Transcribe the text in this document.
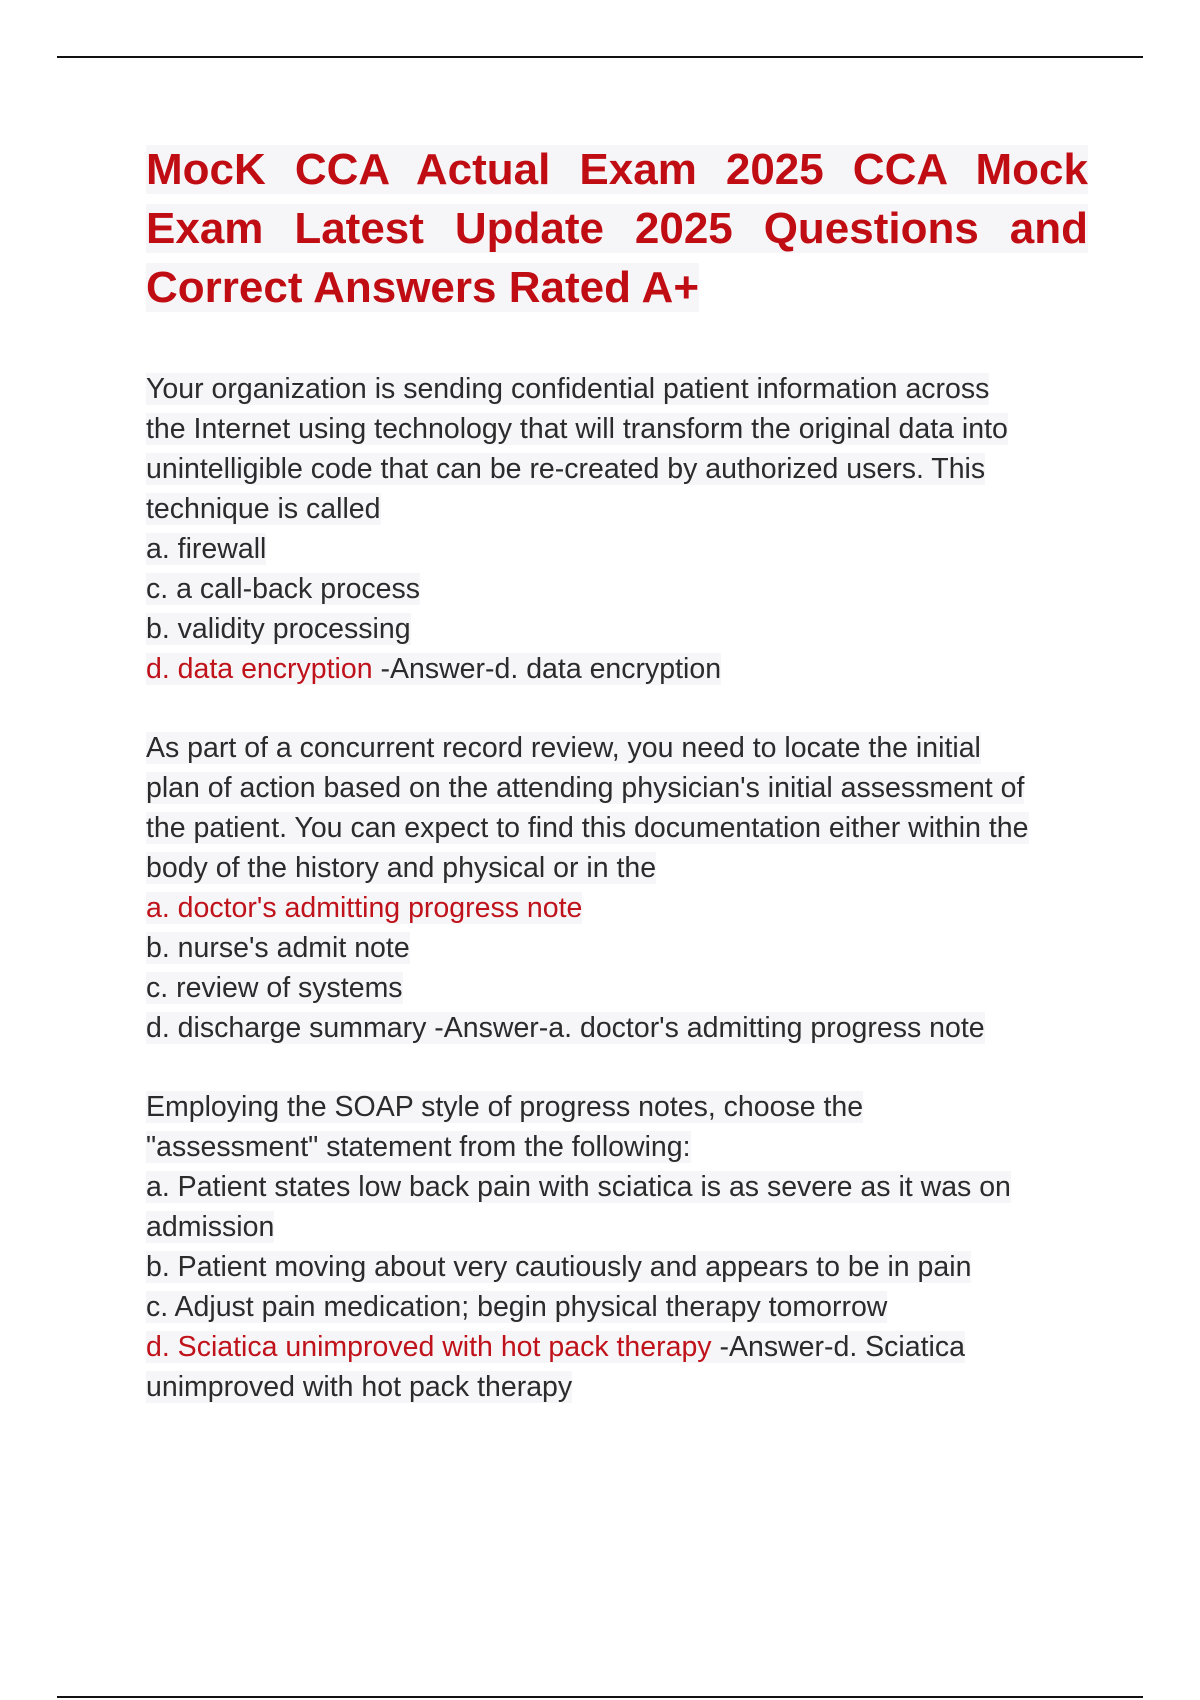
MocK CCA Actual Exam 2025 CCA Mock Exam Latest Update 2025 Questions and Correct Answers Rated A+
Your organization is sending confidential patient information across
the Internet using technology that will transform the original data into
unintelligible code that can be re-created by authorized users. This
technique is called
a. firewall
c. a call-back process
b. validity processing
d. data encryption -Answer-d. data encryption
As part of a concurrent record review, you need to locate the initial
plan of action based on the attending physician's initial assessment of
the patient. You can expect to find this documentation either within the
body of the history and physical or in the
a. doctor's admitting progress note
b. nurse's admit note
c. review of systems
d. discharge summary -Answer-a. doctor's admitting progress note
Employing the SOAP style of progress notes, choose the
"assessment" statement from the following:
a. Patient states low back pain with sciatica is as severe as it was on
admission
b. Patient moving about very cautiously and appears to be in pain
c. Adjust pain medication; begin physical therapy tomorrow
d. Sciatica unimproved with hot pack therapy -Answer-d. Sciatica
unimproved with hot pack therapy
